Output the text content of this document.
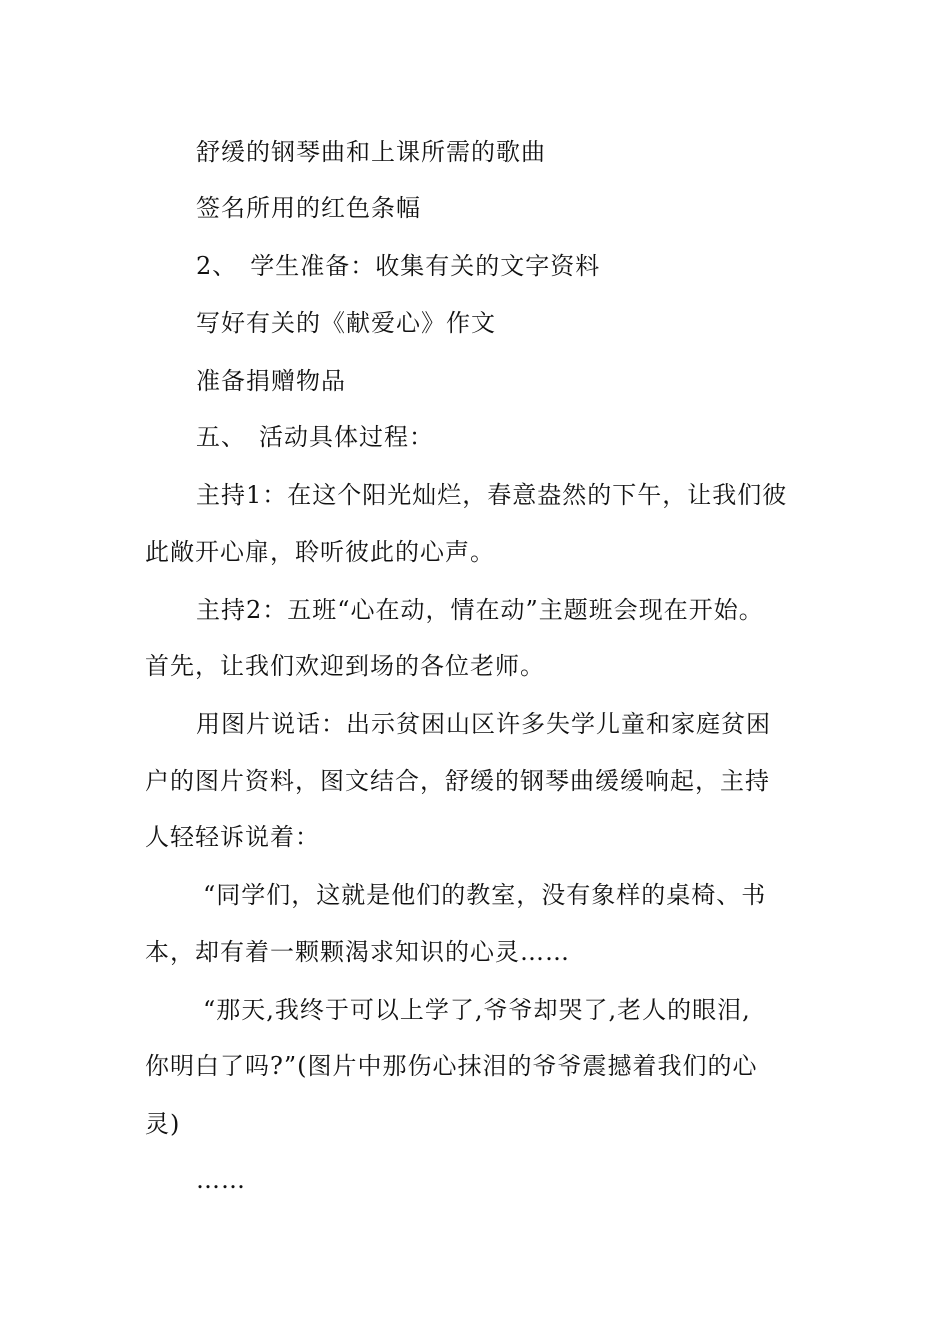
舒缓的钢琴曲和上课所需的歌曲
签名所用的红色条幅
2、　学生准备：收集有关的文字资料
写好有关的《献爱心》作文
准备捐赠物品
五、　活动具体过程：
主持1：在这个阳光灿烂，春意盎然的下午，让我们彼
此敞开心扉，聆听彼此的心声。
主持2：五班“心在动，情在动”主题班会现在开始。
首先，让我们欢迎到场的各位老师。
用图片说话：出示贫困山区许多失学儿童和家庭贫困
户的图片资料，图文结合，舒缓的钢琴曲缓缓响起，主持
人轻轻诉说着：
“同学们，这就是他们的教室，没有象样的桌椅、书
本，却有着一颗颗渴求知识的心灵……
“那天,我终于可以上学了,爷爷却哭了,老人的眼泪,
你明白了吗?”(图片中那伤心抹泪的爷爷震撼着我们的心
灵)
……
